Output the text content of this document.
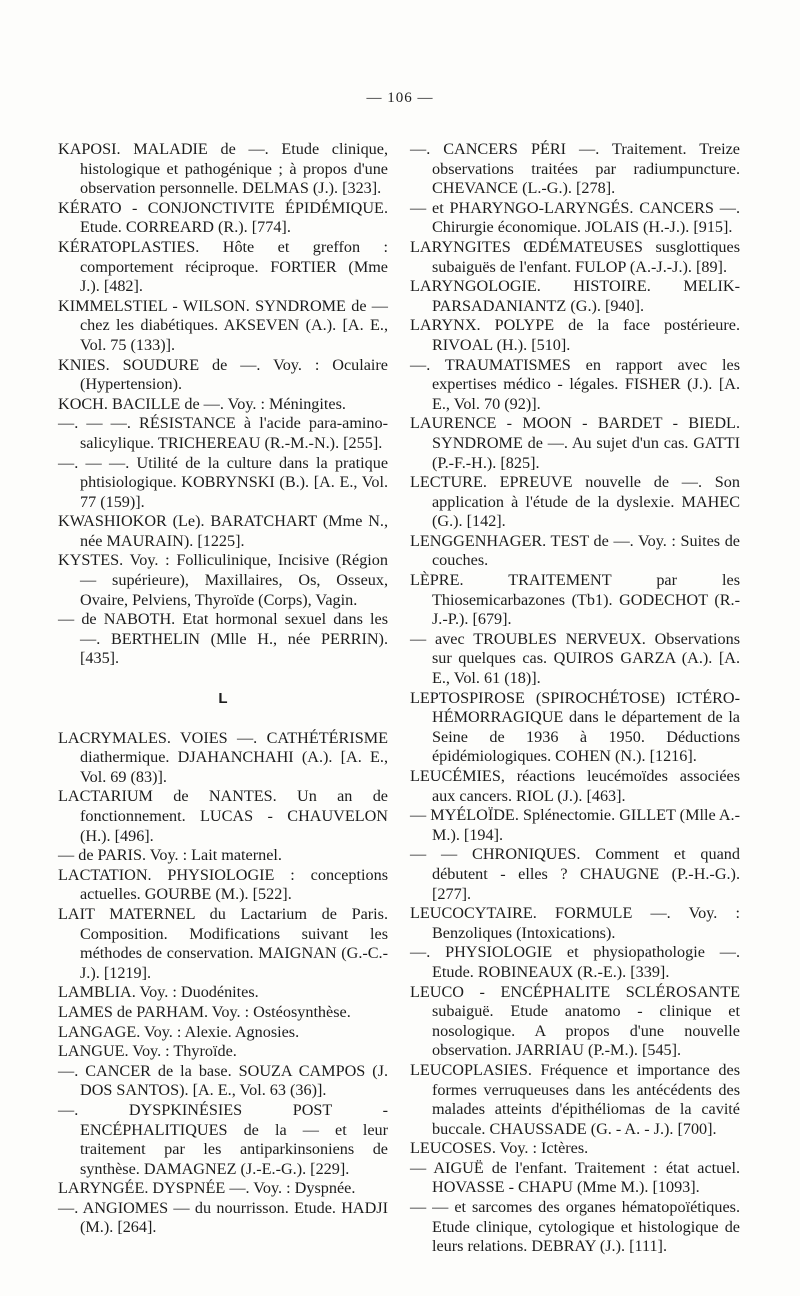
— 106 —

KAPOSI. MALADIE de —. Etude clinique, histologique et pathogénique ; à propos d'une observation personnelle. DELMAS (J.). [323].

KÉRATO - CONJONCTIVITE ÉPIDÉMIQUE. Etude. CORREARD (R.). [774].

KÉRATOPLASTIES. Hôte et greffon : comportement réciproque. FORTIER (Mme J.). [482].

KIMMELSTIEL - WILSON. SYNDROME de — chez les diabétiques. AKSEVEN (A.). [A. E., Vol. 75 (133)].

KNIES. SOUDURE de —. Voy. : Oculaire (Hypertension).

KOCH. BACILLE de —. Voy. : Méningites.

—. — —. RÉSISTANCE à l'acide para-amino-salicylique. TRICHEREAU (R.-M.-N.). [255].

—. — —. Utilité de la culture dans la pratique phtisiologique. KOBRYNSKI (B.). [A. E., Vol. 77 (159)].

KWASHIOKOR (Le). BARATCHART (Mme N., née MAURAIN). [1225].

KYSTES. Voy. : Folliculinique, Incisive (Région — supérieure), Maxillaires, Os, Osseux, Ovaire, Pelviens, Thyroïde (Corps), Vagin.

— de NABOTH. Etat hormonal sexuel dans les —. BERTHELIN (Mlle H., née PERRIN). [435].

L

LACRYMALES. VOIES —. CATHÉTÉRISME diathermique. DJAHANCHAHI (A.). [A. E., Vol. 69 (83)].

LACTARIUM de NANTES. Un an de fonctionnement. LUCAS - CHAUVELON (H.). [496].

— de PARIS. Voy. : Lait maternel.

LACTATION. PHYSIOLOGIE : conceptions actuelles. GOURBE (M.). [522].

LAIT MATERNEL du Lactarium de Paris. Composition. Modifications suivant les méthodes de conservation. MAIGNAN (G.-C.-J.). [1219].

LAMBLIA. Voy. : Duodénites.

LAMES de PARHAM. Voy. : Ostéosynthèse.

LANGAGE. Voy. : Alexie. Agnosies.

LANGUE. Voy. : Thyroïde.

—. CANCER de la base. SOUZA CAMPOS (J. DOS SANTOS). [A. E., Vol. 63 (36)].

—. DYSPKINÉSIES POST - ENCÉPHALITIQUES de la — et leur traitement par les antiparkinsoniens de synthèse. DAMAGNEZ (J.-E.-G.). [229].

LARYNGÉE. DYSPNÉE —. Voy. : Dyspnée.

—. ANGIOMES — du nourrisson. Etude. HADJI (M.). [264].

—. CANCERS PÉRI —. Traitement. Treize observations traitées par radiumpuncture. CHEVANCE (L.-G.). [278].

— et PHARYNGO-LARYNGÉS. CANCERS —. Chirurgie économique. JOLAIS (H.-J.). [915].

LARYNGITES ŒDÉMATEUSES susglottiques subaiguës de l'enfant. FULOP (A.-J.-J.). [89].

LARYNGOLOGIE. HISTOIRE. MELIK-PARSADANIANTZ (G.). [940].

LARYNX. POLYPE de la face postérieure. RIVOAL (H.). [510].

—. TRAUMATISMES en rapport avec les expertises médico - légales. FISHER (J.). [A. E., Vol. 70 (92)].

LAURENCE - MOON - BARDET - BIEDL. SYNDROME de —. Au sujet d'un cas. GATTI (P.-F.-H.). [825].

LECTURE. EPREUVE nouvelle de —. Son application à l'étude de la dyslexie. MAHEC (G.). [142].

LENGGENHAGER. TEST de —. Voy. : Suites de couches.

LÈPRE. TRAITEMENT par les Thiosemicarbazones (Tb1). GODECHOT (R.-J.-P.). [679].

— avec TROUBLES NERVEUX. Observations sur quelques cas. QUIROS GARZA (A.). [A. E., Vol. 61 (18)].

LEPTOSPIROSE (SPIROCHÉTOSE) ICTÉRO-HÉMORRAGIQUE dans le département de la Seine de 1936 à 1950. Déductions épidémiologiques. COHEN (N.). [1216].

LEUCÉMIES, réactions leucémoïdes associées aux cancers. RIOL (J.). [463].

— MYÉLOÏDE. Splénectomie. GILLET (Mlle A.-M.). [194].

— — CHRONIQUES. Comment et quand débutent - elles ? CHAUGNE (P.-H.-G.). [277].

LEUCOCYTAIRE. FORMULE —. Voy. : Benzoliques (Intoxications).

—. PHYSIOLOGIE et physiopathologie —. Etude. ROBINEAUX (R.-E.). [339].

LEUCO - ENCÉPHALITE SCLÉROSANTE subaiguë. Etude anatomo - clinique et nosologique. A propos d'une nouvelle observation. JARRIAU (P.-M.). [545].

LEUCOPLASIES. Fréquence et importance des formes verruqueuses dans les antécédents des malades atteints d'épithéliomas de la cavité buccale. CHAUSSADE (G. - A. - J.). [700].

LEUCOSES. Voy. : Ictères.

— AIGUË de l'enfant. Traitement : état actuel. HOVASSE - CHAPU (Mme M.). [1093].

— — et sarcomes des organes hématopoïétiques. Etude clinique, cytologique et histologique de leurs relations. DEBRAY (J.). [111].
